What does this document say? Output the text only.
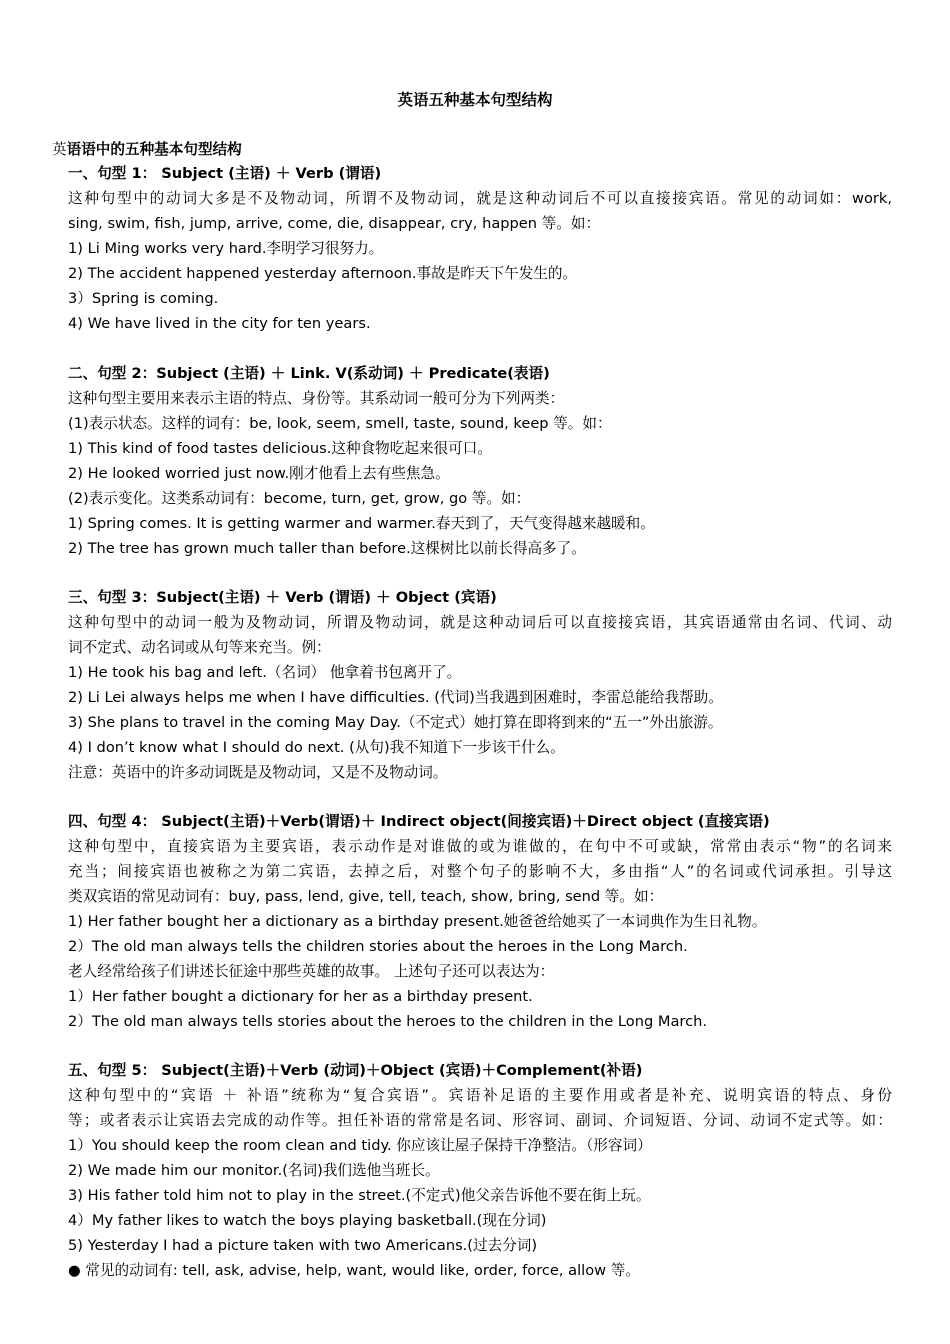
英语五种基本句型结构
英语语中的五种基本句型结构
一、句型 1： Subject (主语) ＋ Verb (谓语)
这种句型中的动词大多是不及物动词，所谓不及物动词，就是这种动词后不可以直接接宾语。常见的动词如：work,
sing, swim, fish, jump, arrive, come, die, disappear, cry, happen 等。如：
1) Li Ming works very hard.李明学习很努力。
2) The accident happened yesterday afternoon.事故是昨天下午发生的。
3）Spring is coming.
4) We have lived in the city for ten years.
二、句型 2：Subject (主语) ＋ Link. V(系动词) ＋ Predicate(表语)
这种句型主要用来表示主语的特点、身份等。其系动词一般可分为下列两类：
(1)表示状态。这样的词有：be, look, seem, smell, taste, sound, keep 等。如：
1) This kind of food tastes delicious.这种食物吃起来很可口。
2) He looked worried just now.刚才他看上去有些焦急。
(2)表示变化。这类系动词有：become, turn, get, grow, go 等。如：
1) Spring comes. It is getting warmer and warmer.春天到了，天气变得越来越暖和。
2) The tree has grown much taller than before.这棵树比以前长得高多了。
三、句型 3：Subject(主语) ＋ Verb (谓语) ＋ Object (宾语)
这种句型中的动词一般为及物动词，所谓及物动词，就是这种动词后可以直接接宾语，其宾语通常由名词、代词、动
词不定式、动名词或从句等来充当。例：
1) He took his bag and left.（名词） 他拿着书包离开了。
2) Li Lei always helps me when I have difficulties. (代词)当我遇到困难时，李雷总能给我帮助。
3) She plans to travel in the coming May Day.（不定式）她打算在即将到来的“五一”外出旅游。
4) I don’t know what I should do next. (从句)我不知道下一步该干什么。
注意：英语中的许多动词既是及物动词，又是不及物动词。
四、句型 4： Subject(主语)＋Verb(谓语)＋ Indirect object(间接宾语)＋Direct object (直接宾语)
这种句型中，直接宾语为主要宾语，表示动作是对谁做的或为谁做的，在句中不可或缺，常常由表示“物”的名词来
充当；间接宾语也被称之为第二宾语，去掉之后，对整个句子的影响不大，多由指“人”的名词或代词承担。引导这
类双宾语的常见动词有：buy, pass, lend, give, tell, teach, show, bring, send 等。如：
1) Her father bought her a dictionary as a birthday present.她爸爸给她买了一本词典作为生日礼物。
2）The old man always tells the children stories about the heroes in the Long March.
老人经常给孩子们讲述长征途中那些英雄的故事。 上述句子还可以表达为：
1）Her father bought a dictionary for her as a birthday present.
2）The old man always tells stories about the heroes to the children in the Long March.
五、句型 5： Subject(主语)＋Verb (动词)＋Object (宾语)＋Complement(补语)
这种句型中的“宾语 ＋ 补语”统称为“复合宾语”。宾语补足语的主要作用或者是补充、说明宾语的特点、身份
等；或者表示让宾语去完成的动作等。担任补语的常常是名词、形容词、副词、介词短语、分词、动词不定式等。如：
1）You should keep the room clean and tidy. 你应该让屋子保持干净整洁。（形容词）
2) We made him our monitor.(名词)我们选他当班长。
3) His father told him not to play in the street.(不定式)他父亲告诉他不要在街上玩。
4）My father likes to watch the boys playing basketball.(现在分词)
5) Yesterday I had a picture taken with two Americans.(过去分词)
● 常见的动词有: tell, ask, advise, help, want, would like, order, force, allow 等。
